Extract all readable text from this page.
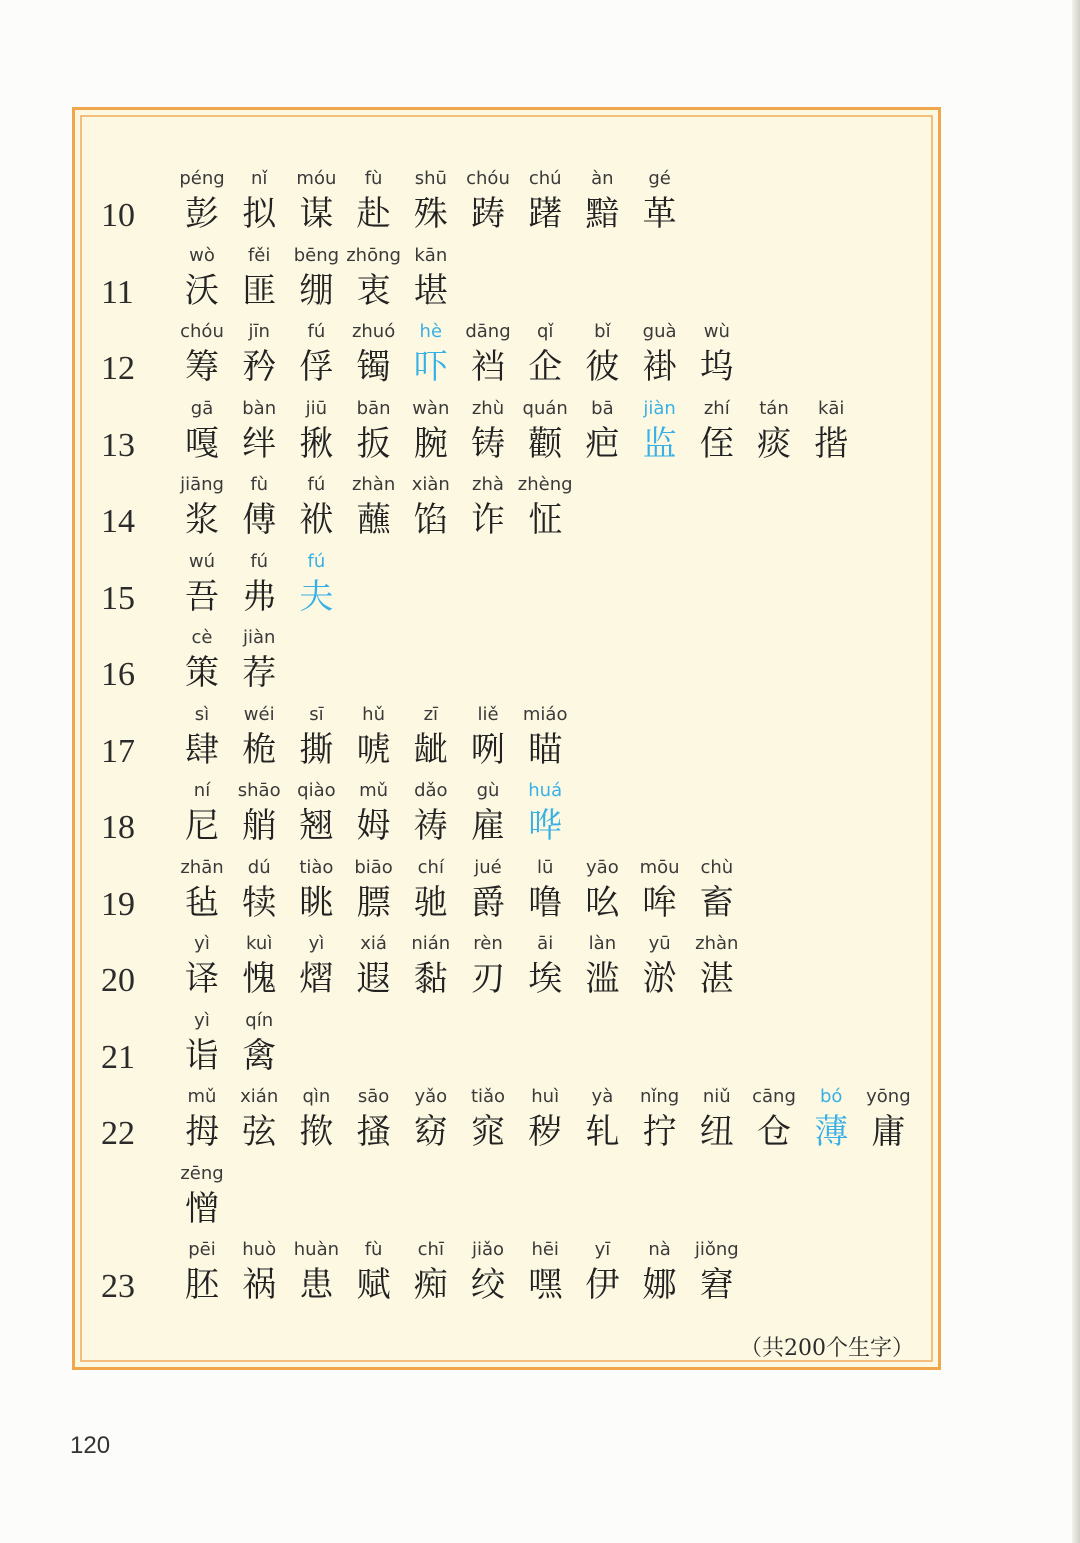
10
péng
彭
nǐ
拟
móu
谋
fù
赴
shū
殊
chóu
踌
chú
躇
àn
黯
gé
革
11
wò
沃
fěi
匪
bēng
绷
zhōng
衷
kān
堪
12
chóu
筹
jīn
矜
fú
俘
zhuó
镯
hè
吓
dāng
裆
qǐ
企
bǐ
彼
guà
褂
wù
坞
13
gā
嘎
bàn
绊
jiū
揪
bān
扳
wàn
腕
zhù
铸
quán
颧
bā
疤
jiàn
监
zhí
侄
tán
痰
kāi
揩
14
jiāng
浆
fù
傅
fú
袱
zhàn
蘸
xiàn
馅
zhà
诈
zhèng
怔
15
wú
吾
fú
弗
fú
夫
16
cè
策
jiàn
荐
17
sì
肆
wéi
桅
sī
撕
hǔ
唬
zī
龇
liě
咧
miáo
瞄
18
ní
尼
shāo
艄
qiào
翘
mǔ
姆
dǎo
祷
gù
雇
huá
哗
19
zhān
毡
dú
犊
tiào
眺
biāo
膘
chí
驰
jué
爵
lū
噜
yāo
吆
mōu
哞
chù
畜
20
yì
译
kuì
愧
yì
熠
xiá
遐
nián
黏
rèn
刃
āi
埃
làn
滥
yū
淤
zhàn
湛
21
yì
诣
qín
禽
22
mǔ
拇
xián
弦
qìn
揿
sāo
搔
yǎo
窈
tiǎo
窕
huì
秽
yà
轧
nǐng
拧
niǔ
纽
cāng
仓
bó
薄
yōng
庸
zēng
憎
23
pēi
胚
huò
祸
huàn
患
fù
赋
chī
痴
jiǎo
绞
hēi
嘿
yī
伊
nà
娜
jiǒng
窘
（共200个生字）
120
